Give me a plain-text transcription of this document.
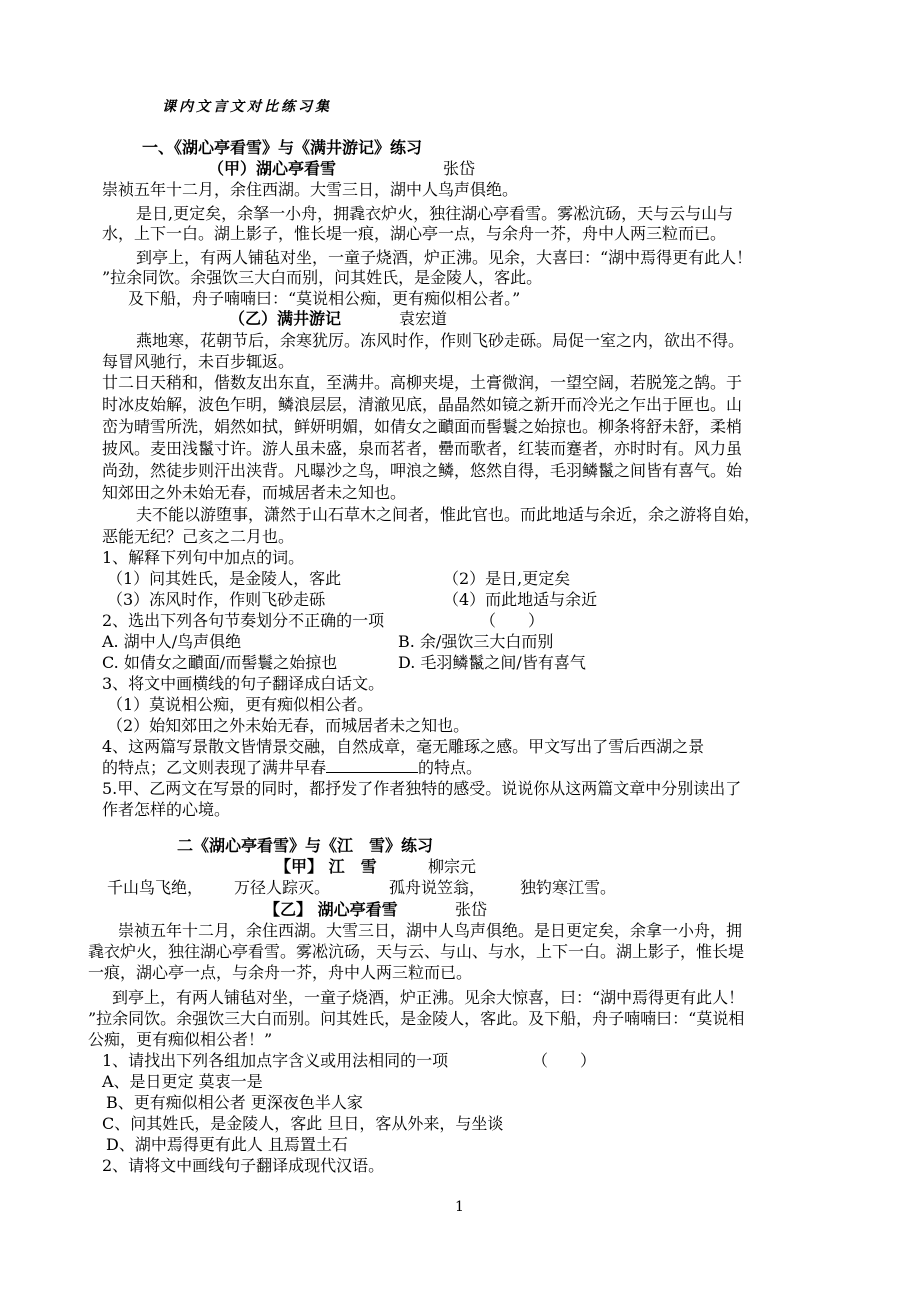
课内文言文对比练习集
一、《湖心亭看雪》与《满井游记》练习
（甲）湖心亭看雪	张岱
崇祯五年十二月，余住西湖。大雪三日，湖中人鸟声俱绝。
是日,更定矣，余拏一小舟，拥毳衣炉火，独往湖心亭看雪。雾凇沆砀，天与云与山与
水，上下一白。湖上影子，惟长堤一痕，湖心亭一点，与余舟一芥，舟中人两三粒而已。
到亭上，有两人铺毡对坐，一童子烧酒，炉正沸。见余，大喜曰：“湖中焉得更有此人！
”拉余同饮。余强饮三大白而别，问其姓氏，是金陵人，客此。
及下船，舟子喃喃曰：“莫说相公痴，更有痴似相公者。”
（乙）满井游记	袁宏道
燕地寒，花朝节后，余寒犹厉。冻风时作，作则飞砂走砾。局促一室之内，欲出不得。
每冒风驰行，未百步辄返。
廿二日天稍和，偕数友出东直，至满井。高柳夹堤，土膏微润，一望空阔，若脱笼之鹄。于
时冰皮始解，波色乍明，鳞浪层层，清澈见底，晶晶然如镜之新开而冷光之乍出于匣也。山
峦为晴雪所洗，娟然如拭，鲜妍明媚，如倩女之靧面而髻鬟之始掠也。柳条将舒未舒，柔梢
披风。麦田浅鬣寸许。游人虽未盛，泉而茗者，罍而歌者，红装而蹇者，亦时时有。风力虽
尚劲，然徒步则汗出浃背。凡曝沙之鸟，呷浪之鳞，悠然自得，毛羽鳞鬣之间皆有喜气。始
知郊田之外未始无春，而城居者未之知也。
夫不能以游堕事，潇然于山石草木之间者，惟此官也。而此地适与余近，余之游将自始，
恶能无纪？己亥之二月也。
1、解释下列句中加点的词。
（1）问其姓氏，是金陵人，客此	（2）是日,更定矣
（3）冻风时作，作则飞砂走砾	（4）而此地适与余近
2、选出下列各句节奏划分不正确的一项	（　　）
A. 湖中人/鸟声俱绝	B. 余/强饮三大白而别
C. 如倩女之靧面/而髻鬟之始掠也	D. 毛羽鳞鬣之间/皆有喜气
3、将文中画横线的句子翻译成白话文。
（1）莫说相公痴，更有痴似相公者。
（2）始知郊田之外未始无春，而城居者未之知也。
4、这两篇写景散文皆情景交融，自然成章，毫无雕琢之感。甲文写出了雪后西湖之景
的特点；乙文则表现了满井早春	的特点。
5.甲、乙两文在写景的同时，都抒发了作者独特的感受。说说你从这两篇文章中分别读出了
作者怎样的心境。
二《湖心亭看雪》与《江　雪》练习
【甲】 江　雪	柳宗元
千山鸟飞绝， 万径人踪灭。	孤舟说笠翁， 独钓寒江雪。
【乙】 湖心亭看雪	张岱
崇祯五年十二月，余住西湖。大雪三日，湖中人鸟声俱绝。是日更定矣，余拿一小舟，拥
毳衣炉火，独往湖心亭看雪。雾凇沆砀，天与云、与山、与水，上下一白。湖上影子，惟长堤
一痕，湖心亭一点，与余舟一芥，舟中人两三粒而已。
到亭上，有两人铺毡对坐，一童子烧酒，炉正沸。见余大惊喜，曰：“湖中焉得更有此人！
”拉余同饮。余强饮三大白而别。问其姓氏，是金陵人，客此。及下船，舟子喃喃曰：“莫说相
公痴，更有痴似相公者！”
1、请找出下列各组加点字含义或用法相同的一项	（　　）
A、是日更定 莫衷一是
B、更有痴似相公者 更深夜色半人家
C、问其姓氏，是金陵人，客此 旦日，客从外来，与坐谈
D、湖中焉得更有此人 且焉置土石
2、请将文中画线句子翻译成现代汉语。
1
